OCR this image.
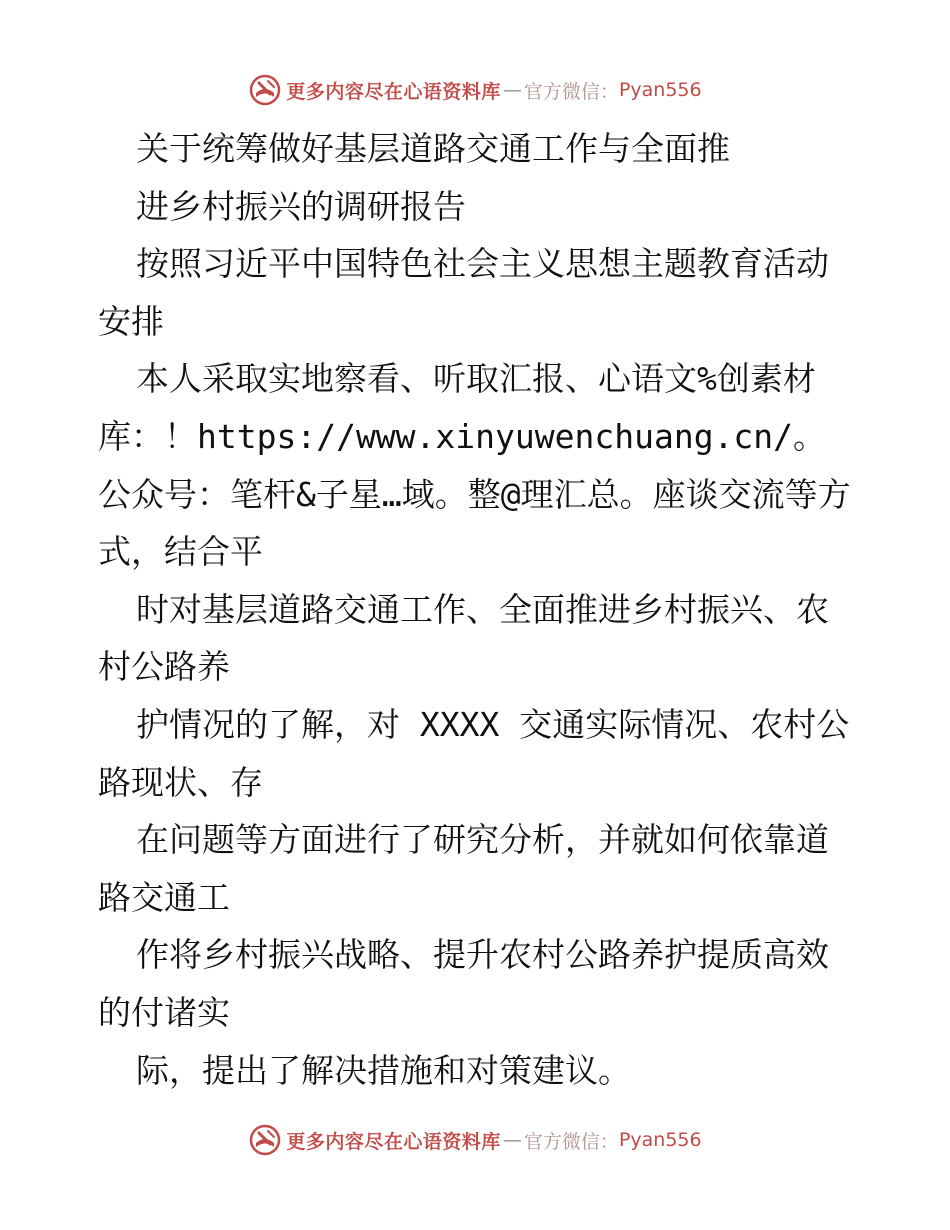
更多内容尽在心语资料库 — 官方微信： Pyan556

关于统筹做好基层道路交通工作与全面推

进乡村振兴的调研报告

按照习近平中国特色社会主义思想主题教育活动安排

本人采取实地察看、听取汇报、心语文%创素材库：！https://www.xinyuwenchuang.cn/。公众号：笔杆&子星…域。整@理汇总。座谈交流等方式，结合平

时对基层道路交通工作、全面推进乡村振兴、农村公路养

护情况的了解，对 XXXX 交通实际情况、农村公路现状、存

在问题等方面进行了研究分析，并就如何依靠道路交通工

作将乡村振兴战略、提升农村公路养护提质高效的付诸实

际，提出了解决措施和对策建议。

更多内容尽在心语资料库 — 官方微信： Pyan556
